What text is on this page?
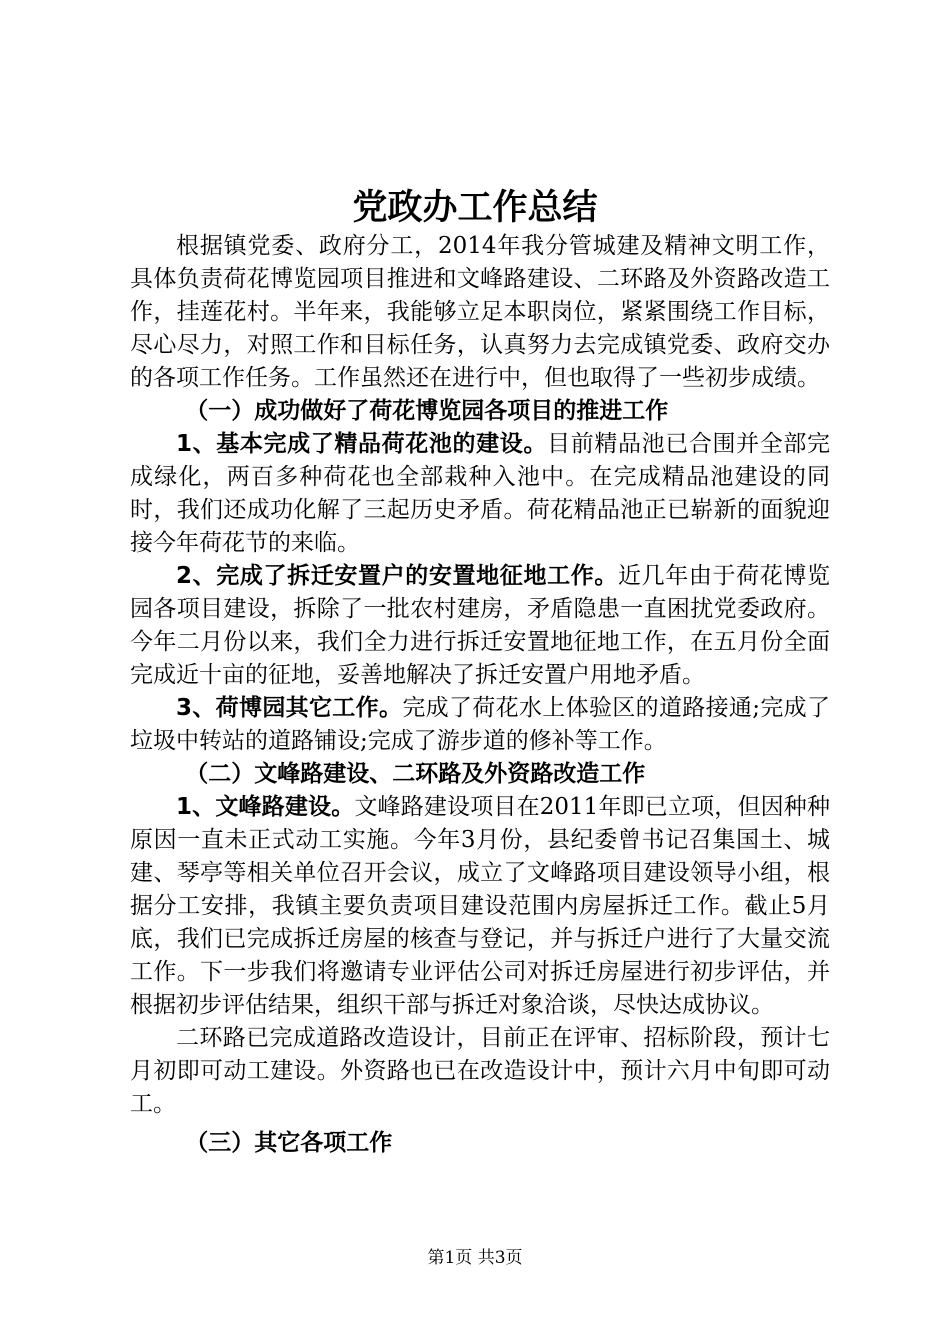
党政办工作总结

根据镇党委、政府分工，2014年我分管城建及精神文明工作，具体负责荷花博览园项目推进和文峰路建设、二环路及外资路改造工作，挂莲花村。半年来，我能够立足本职岗位，紧紧围绕工作目标，尽心尽力，对照工作和目标任务，认真努力去完成镇党委、政府交办的各项工作任务。工作虽然还在进行中，但也取得了一些初步成绩。

（一）成功做好了荷花博览园各项目的推进工作

1、基本完成了精品荷花池的建设。目前精品池已合围并全部完成绿化，两百多种荷花也全部栽种入池中。在完成精品池建设的同时，我们还成功化解了三起历史矛盾。荷花精品池正已崭新的面貌迎接今年荷花节的来临。

2、完成了拆迁安置户的安置地征地工作。近几年由于荷花博览园各项目建设，拆除了一批农村建房，矛盾隐患一直困扰党委政府。今年二月份以来，我们全力进行拆迁安置地征地工作，在五月份全面完成近十亩的征地，妥善地解决了拆迁安置户用地矛盾。

3、荷博园其它工作。完成了荷花水上体验区的道路接通;完成了垃圾中转站的道路铺设;完成了游步道的修补等工作。

（二）文峰路建设、二环路及外资路改造工作

1、文峰路建设。文峰路建设项目在2011年即已立项，但因种种原因一直未正式动工实施。今年3月份，县纪委曾书记召集国土、城建、琴亭等相关单位召开会议，成立了文峰路项目建设领导小组，根据分工安排，我镇主要负责项目建设范围内房屋拆迁工作。截止5月底，我们已完成拆迁房屋的核查与登记，并与拆迁户进行了大量交流工作。下一步我们将邀请专业评估公司对拆迁房屋进行初步评估，并根据初步评估结果，组织干部与拆迁对象洽谈，尽快达成协议。

二环路已完成道路改造设计，目前正在评审、招标阶段，预计七月初即可动工建设。外资路也已在改造设计中，预计六月中旬即可动工。

（三）其它各项工作

第1页 共3页
